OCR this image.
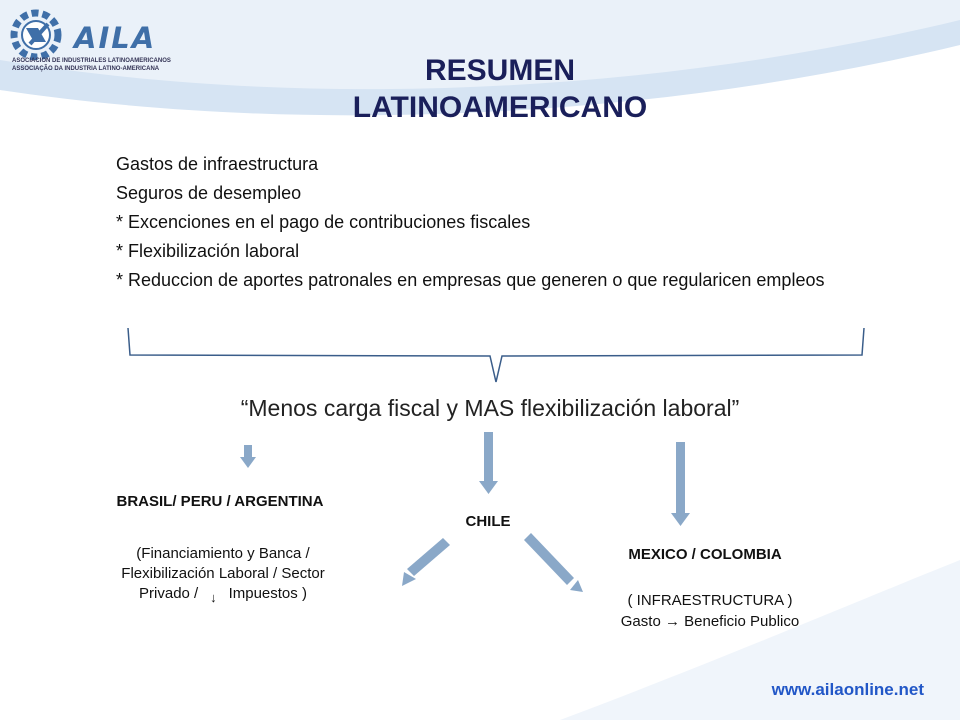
AILA
ASOCIACION DE INDUSTRIALES LATINOAMERICANOS
ASSOCIAÇÃO DA INDUSTRIA LATINO-AMERICANA	RESUMEN
LATINOAMERICANO
Gastos de infraestructura
Seguros de desempleo
* Excenciones en el pago de contribuciones fiscales
* Flexibilización laboral
* Reduccion de aportes patronales en empresas que generen o que regularicen empleos
“Menos carga fiscal y MAS flexibilización laboral”
BRASIL/ PERU / ARGENTINA
(Financiamiento y Banca /
Flexibilización Laboral / Sector
Privado / ↓ Impuestos )
CHILE
MEXICO / COLOMBIA
( INFRAESTRUCTURA )
Gasto → Beneficio Publico
www.ailaonline.net
